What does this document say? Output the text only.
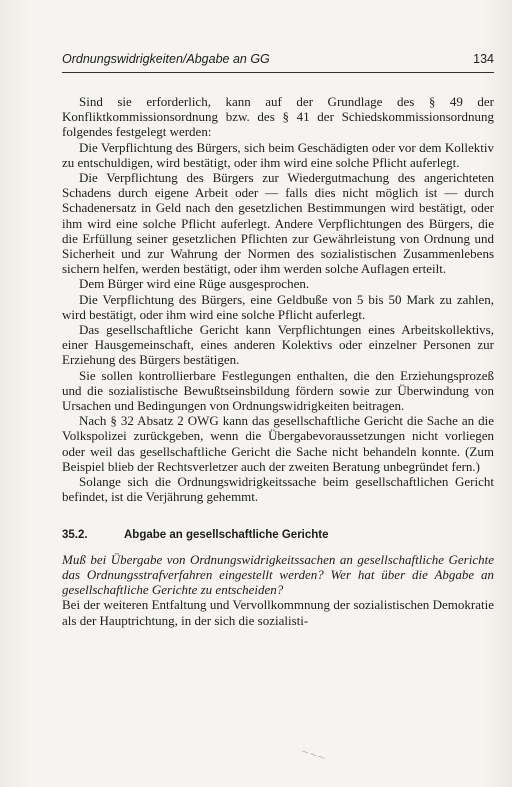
Ordnungswidrigkeiten/Abgabe an GG	134

Sind sie erforderlich, kann auf der Grundlage des § 49 der Konfliktkommissionsordnung bzw. des § 41 der Schiedskommissionsordnung folgendes festgelegt werden:

Die Verpflichtung des Bürgers, sich beim Geschädigten oder vor dem Kollektiv zu entschuldigen, wird bestätigt, oder ihm wird eine solche Pflicht auferlegt.

Die Verpflichtung des Bürgers zur Wiedergutmachung des angerichteten Schadens durch eigene Arbeit oder — falls dies nicht möglich ist — durch Schadenersatz in Geld nach den gesetzlichen Bestimmungen wird bestätigt, oder ihm wird eine solche Pflicht auferlegt. Andere Verpflichtungen des Bürgers, die die Erfüllung seiner gesetzlichen Pflichten zur Gewährleistung von Ordnung und Sicherheit und zur Wahrung der Normen des sozialistischen Zusammenlebens sichern helfen, werden bestätigt, oder ihm werden solche Auflagen erteilt.

Dem Bürger wird eine Rüge ausgesprochen.

Die Verpflichtung des Bürgers, eine Geldbuße von 5 bis 50 Mark zu zahlen, wird bestätigt, oder ihm wird eine solche Pflicht auferlegt.

Das gesellschaftliche Gericht kann Verpflichtungen eines Arbeitskollektivs, einer Hausgemeinschaft, eines anderen Kolektivs oder einzelner Personen zur Erziehung des Bürgers bestätigen.

Sie sollen kontrollierbare Festlegungen enthalten, die den Erziehungsprozeß und die sozialistische Bewußtseinsbildung fördern sowie zur Überwindung von Ursachen und Bedingungen von Ordnungswidrigkeiten beitragen.

Nach § 32 Absatz 2 OWG kann das gesellschaftliche Gericht die Sache an die Volkspolizei zurückgeben, wenn die Übergabevoraussetzungen nicht vorliegen oder weil das gesellschaftliche Gericht die Sache nicht behandeln konnte. (Zum Beispiel blieb der Rechtsverletzer auch der zweiten Beratung unbegründet fern.)

Solange sich die Ordnungswidrigkeitssache beim gesellschaftlichen Gericht befindet, ist die Verjährung gehemmt.

35.2.	Abgabe an gesellschaftliche Gerichte
Muß bei Übergabe von Ordnungswidrigkeitssachen an gesellschaftliche Gerichte das Ordnungsstrafverfahren eingestellt werden? Wer hat über die Abgabe an gesellschaftliche Gerichte zu entscheiden?

Bei der weiteren Entfaltung und Vervollkommnung der sozialistischen Demokratie als der Hauptrichtung, in der sich die sozialisti-

~~~
